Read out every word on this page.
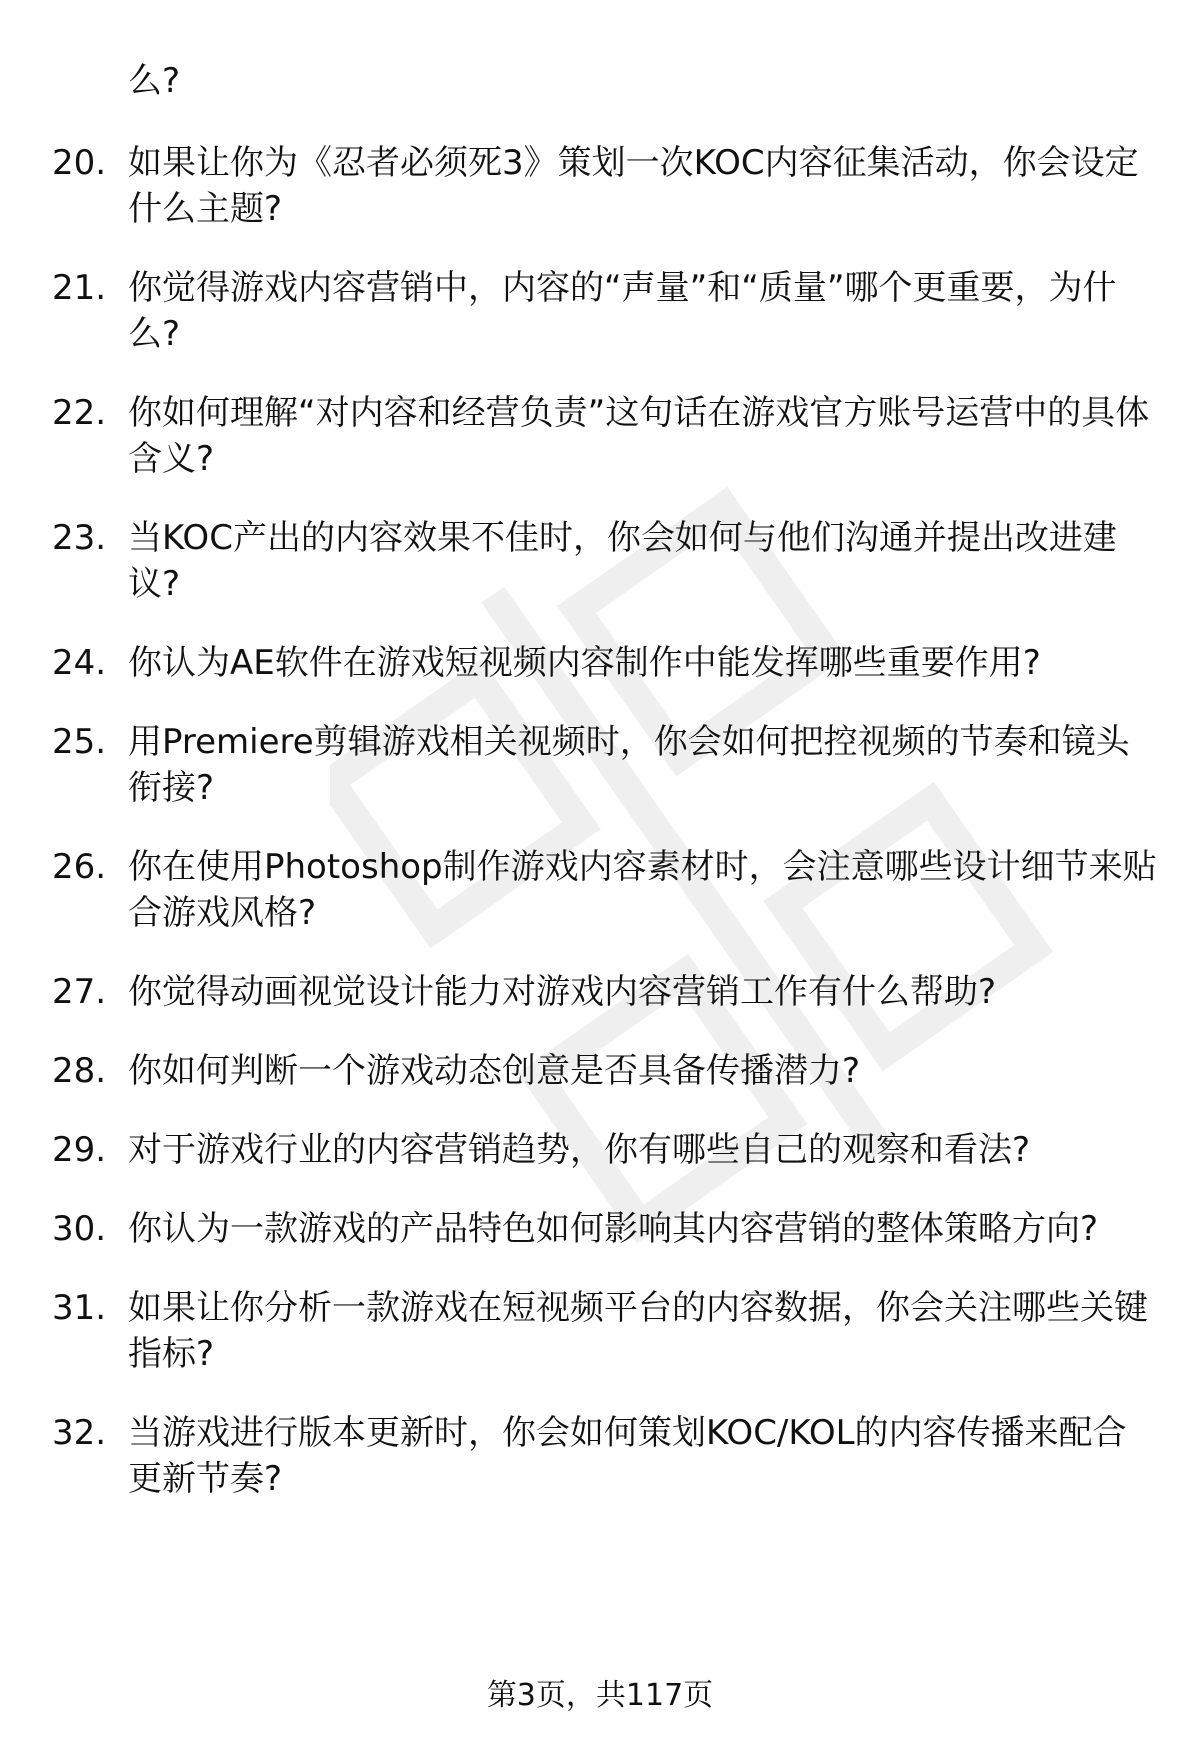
么?

20. 如果让你为《忍者必须死3》策划一次KOC内容征集活动，你会设定什么主题?
21. 你觉得游戏内容营销中，内容的“声量”和“质量”哪个更重要，为什么?
22. 你如何理解“对内容和经营负责”这句话在游戏官方账号运营中的具体含义?
23. 当KOC产出的内容效果不佳时，你会如何与他们沟通并提出改进建议?
24. 你认为AE软件在游戏短视频内容制作中能发挥哪些重要作用?
25. 用Premiere剪辑游戏相关视频时，你会如何把控视频的节奏和镜头衔接?
26. 你在使用Photoshop制作游戏内容素材时，会注意哪些设计细节来贴合游戏风格?
27. 你觉得动画视觉设计能力对游戏内容营销工作有什么帮助?
28. 你如何判断一个游戏动态创意是否具备传播潜力?
29. 对于游戏行业的内容营销趋势，你有哪些自己的观察和看法?
30. 你认为一款游戏的产品特色如何影响其内容营销的整体策略方向?
31. 如果让你分析一款游戏在短视频平台的内容数据，你会关注哪些关键指标?
32. 当游戏进行版本更新时，你会如何策划KOC/KOL的内容传播来配合更新节奏?
第3页，共117页
